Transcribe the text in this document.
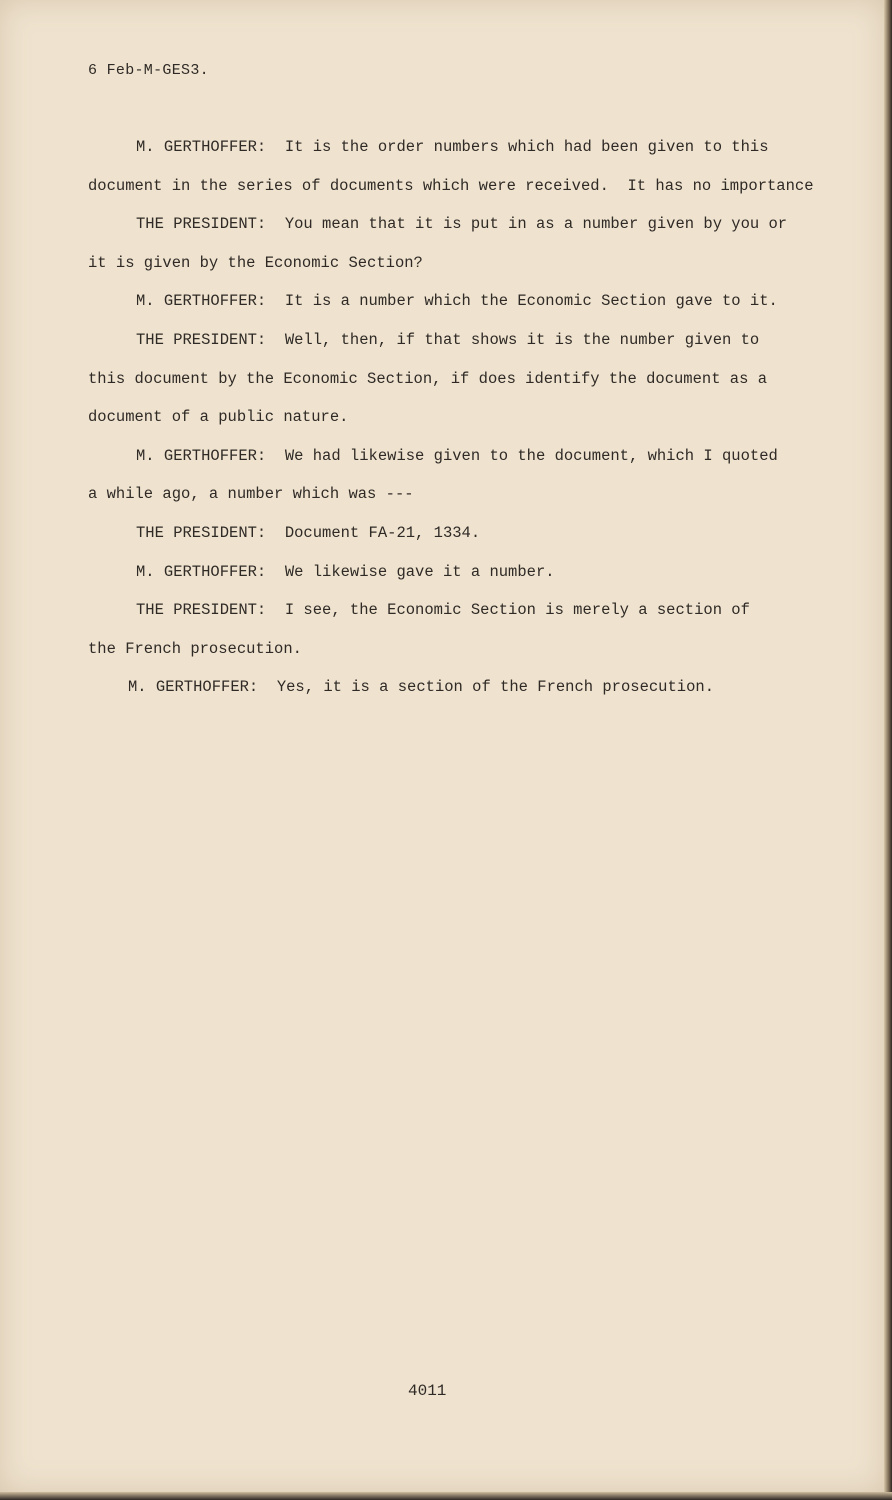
6 Feb-M-GES3.
M. GERTHOFFER:  It is the order numbers which had been given to this
document in the series of documents which were received.  It has no importance
THE PRESIDENT:  You mean that it is put in as a number given by you or
it is given by the Economic Section?
M. GERTHOFFER:  It is a number which the Economic Section gave to it.
THE PRESIDENT:  Well, then, if that shows it is the number given to
this document by the Economic Section, if does identify the document as a
document of a public nature.
M. GERTHOFFER:  We had likewise given to the document, which I quoted
a while ago, a number which was ---
THE PRESIDENT:  Document FA-21, 1334.
M. GERTHOFFER:  We likewise gave it a number.
THE PRESIDENT:  I see, the Economic Section is merely a section of
the French prosecution.
M. GERTHOFFER:  Yes, it is a section of the French prosecution.
4011
